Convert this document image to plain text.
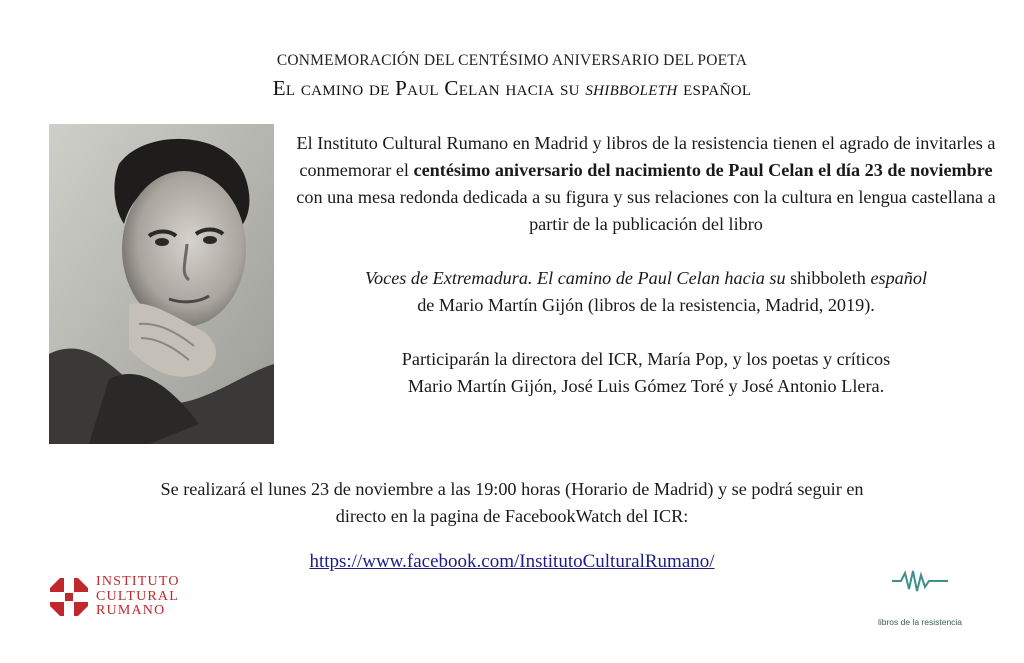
CONMEMORACIÓN DEL CENTÉSIMO ANIVERSARIO DEL POETA
El camino de Paul Celan hacia su shibboleth español

El Instituto Cultural Rumano en Madrid y libros de la resistencia tienen el agrado de invitarles a conmemorar el centésimo aniversario del nacimiento de Paul Celan el día 23 de noviembre con una mesa redonda dedicada a su figura y sus relaciones con la cultura en lengua castellana a partir de la publicación del libro

Voces de Extremadura. El camino de Paul Celan hacia su shibboleth español
de Mario Martín Gijón (libros de la resistencia, Madrid, 2019).

Participarán la directora del ICR, María Pop, y los poetas y críticos
Mario Martín Gijón, José Luis Gómez Toré y José Antonio Llera.

Se realizará el lunes 23 de noviembre a las 19:00 horas (Horario de Madrid) y se podrá seguir en
directo en la pagina de FacebookWatch del ICR:
https://www.facebook.com/InstitutoCulturalRumano/
INSTITUTO
CULTURAL
RUMANO
libros de la resistencia
